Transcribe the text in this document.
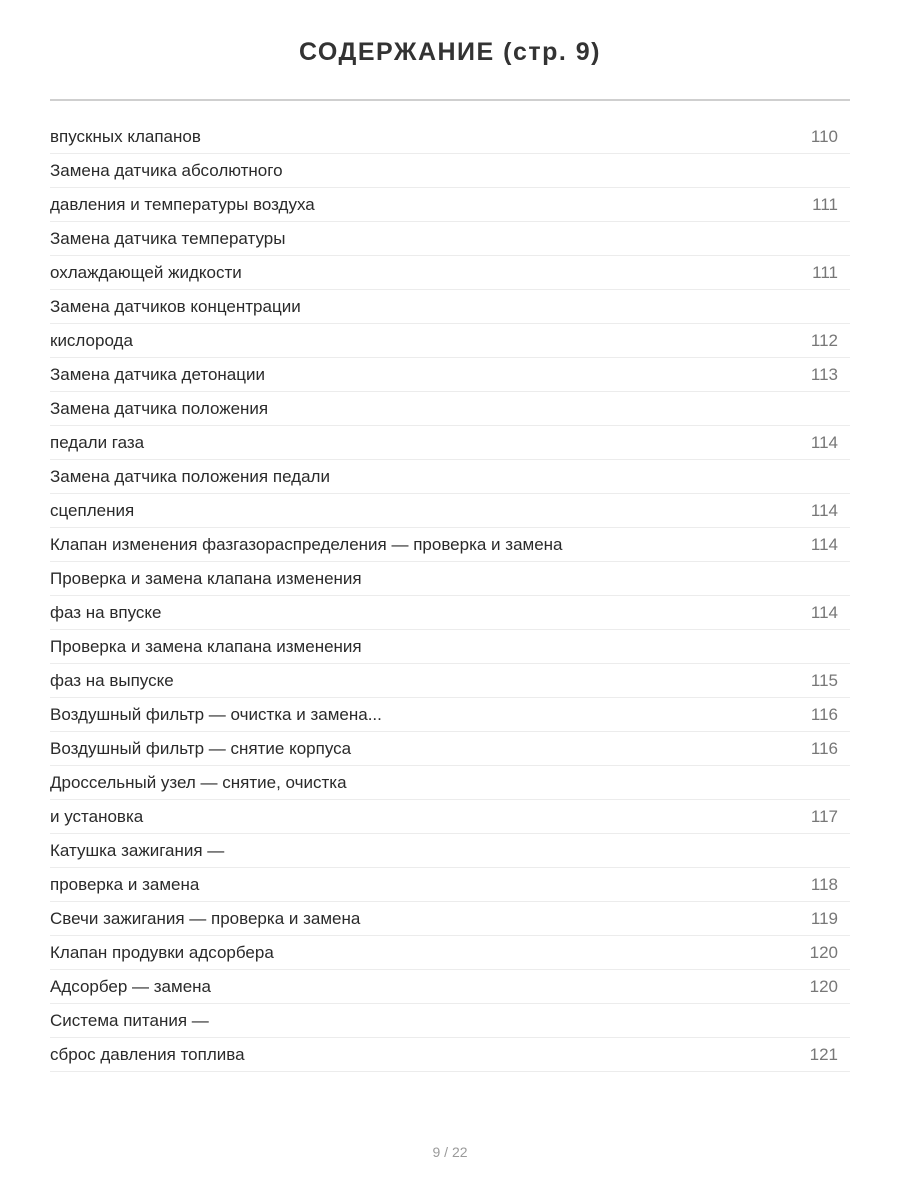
СОДЕРЖАНИЕ (стр. 9)
впускных клапанов	110
Замена датчика абсолютного
давления и температуры воздуха	111
Замена датчика температуры
охлаждающей жидкости	111
Замена датчиков концентрации
кислорода	112
Замена датчика детонации	113
Замена датчика положения
педали газа	114
Замена датчика положения педали
сцепления	114
Клапан изменения фазгазораспределения — проверка и замена	114
Проверка и замена клапана изменения
фаз на впуске	114
Проверка и замена клапана изменения
фаз на выпуске	115
Воздушный фильтр — очистка и замена...	116
Воздушный фильтр — снятие корпуса	116
Дроссельный узел — снятие, очистка
и установка	117
Катушка зажигания —
проверка и замена	118
Свечи зажигания — проверка и замена	119
Клапан продувки адсорбера	120
Адсорбер — замена	120
Система питания —
сброс давления топлива	121
9 / 22
